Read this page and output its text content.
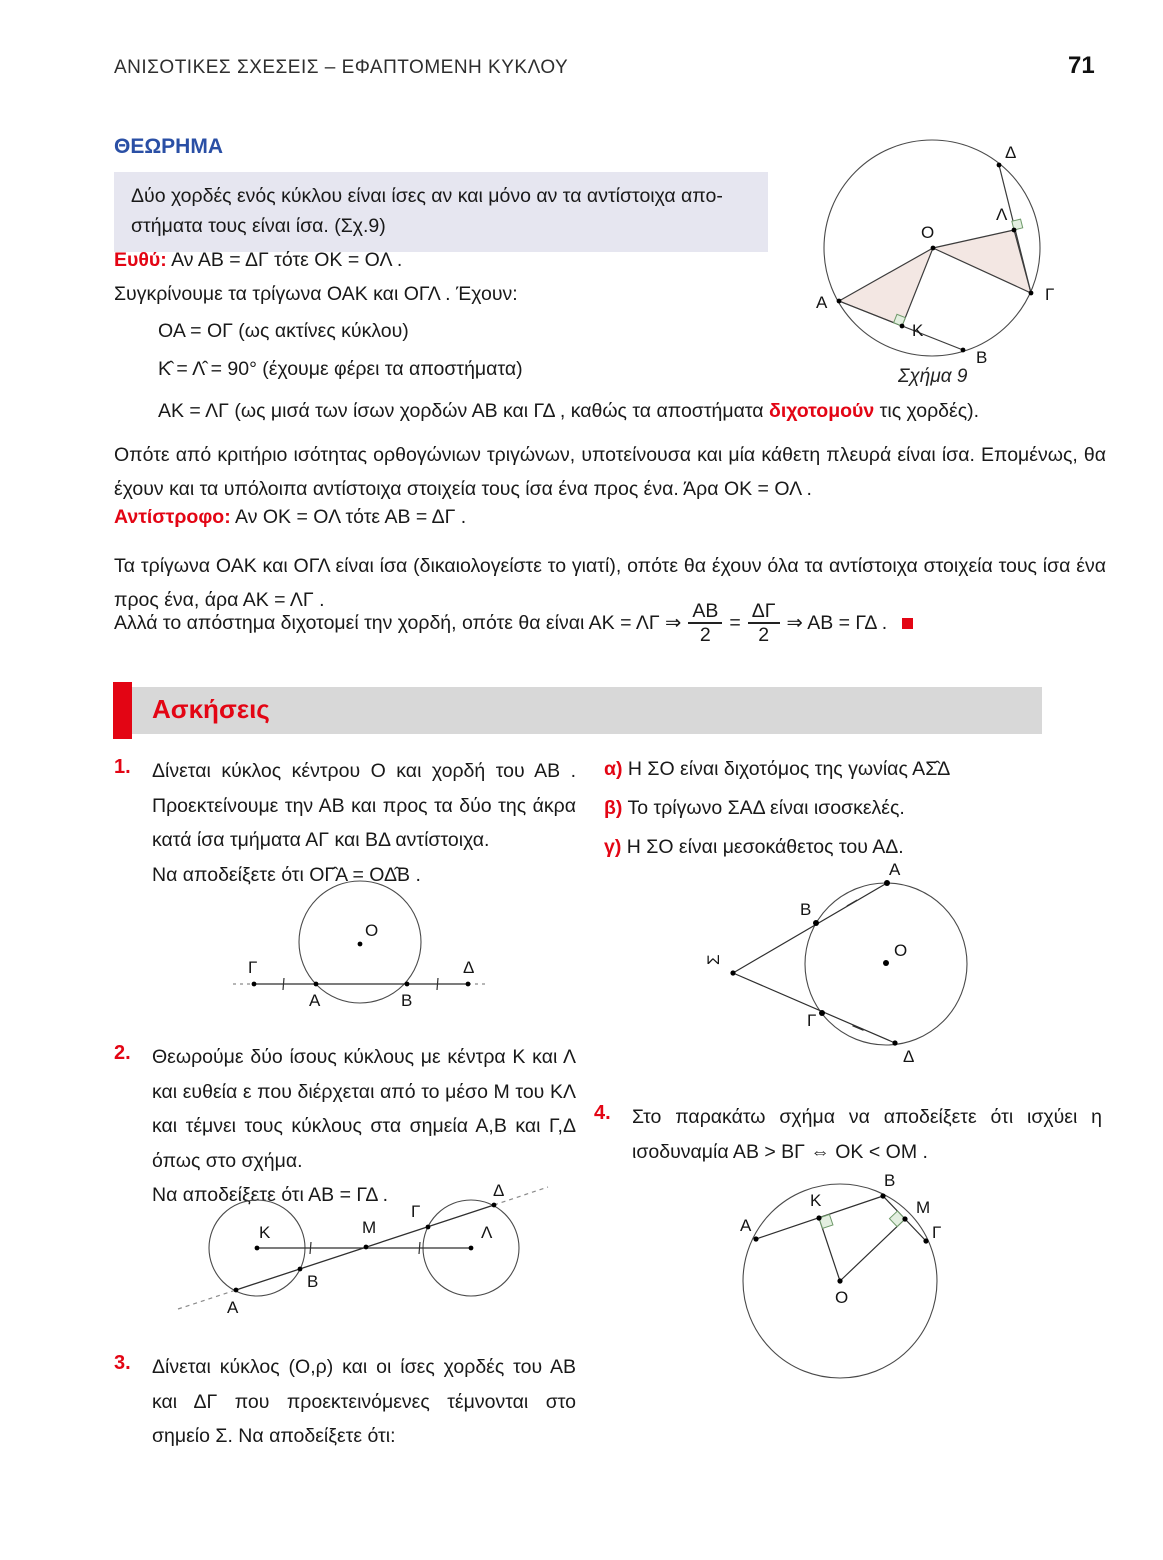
ΑΝΙΣΟΤΙΚΕΣ ΣΧΕΣΕΙΣ – ΕΦΑΠΤΟΜΕΝΗ ΚΥΚΛΟΥ	71
ΘΕΩΡΗΜΑ
Δύο χορδές ενός κύκλου είναι ίσες αν και μόνο αν τα αντίστοιχα απο-
στήματα τους είναι ίσα. (Σχ.9)
Δ
Λ
Ο
Α	Γ
Κ
Β
Σχήμα 9
Ευθύ: Αν ΑΒ = ΔΓ τότε ΟΚ = ΟΛ .
Συγκρίνουμε τα τρίγωνα ΟΑΚ και ΟΓΛ . Έχουν:
ΟΑ = ΟΓ (ως ακτίνες κύκλου)
Κ̂ = Λ̂ = 90° (έχουμε φέρει τα αποστήματα)
ΑΚ = ΛΓ (ως μισά των ίσων χορδών ΑΒ και ΓΔ , καθώς τα αποστήματα διχοτομούν τις χορδές).
Οπότε από κριτήριο ισότητας ορθογώνιων τριγώνων, υποτείνουσα και μία κάθετη πλευρά είναι ίσα. Επομένως, θα έχουν και τα υπόλοιπα αντίστοιχα στοιχεία τους ίσα ένα προς ένα. Άρα ΟΚ = ΟΛ .
Αντίστροφο: Αν ΟΚ = ΟΛ τότε ΑΒ = ΔΓ .
Τα τρίγωνα ΟΑΚ και ΟΓΛ είναι ίσα (δικαιολογείστε το γιατί), οπότε θα έχουν όλα τα αντίστοιχα στοιχεία τους ίσα ένα προς ένα, άρα ΑΚ = ΛΓ .
Αλλά το απόστημα διχοτομεί την χορδή, οπότε θα είναι ΑΚ = ΛΓ ⇒ $\frac{AB}{2} = \frac{\Delta\Gamma}{2}$ ⇒ ΑΒ = ΓΔ .
Ασκήσεις
1. Δίνεται κύκλος κέντρου Ο και χορδή του ΑΒ . Προεκτείνουμε την ΑΒ και προς τα δύο της άκρα κατά ίσα τμήματα ΑΓ και ΒΔ αντίστοιχα.
Να αποδείξετε ότι ΟΓ̂Α = ΟΔ̂Β .
Γ
Ο
Α	Β
Δ
2. Θεωρούμε δύο ίσους κύκλους με κέντρα Κ και Λ και ευθεία ε που διέρχεται από το μέσο Μ του ΚΛ και τέμνει τους κύκλους στα σημεία Α,Β και Γ,Δ όπως στο σχήμα.
Να αποδείξετε ότι ΑΒ = ΓΔ .
Κ	Μ	Λ
Α
Β
Γ
Δ
3. Δίνεται κύκλος (Ο,ρ) και οι ίσες χορδές του ΑΒ και ΔΓ που προεκτεινόμενες τέμνονται στο σημείο Σ. Να αποδείξετε ότι:
α) Η ΣΟ είναι διχοτόμος της γωνίας ΑΣ̂Δ
β) Το τρίγωνο ΣΑΔ είναι ισοσκελές.
γ) Η ΣΟ είναι μεσοκάθετος του ΑΔ.
Σ
Α
Β
Ο
Γ
Δ
4. Στο παρακάτω σχήμα να αποδείξετε ότι ισχύει η ισοδυναμία ΑΒ > ΒΓ ⇔ ΟΚ < ΟΜ .
Α
Κ
Β
Μ
Γ
Ο
